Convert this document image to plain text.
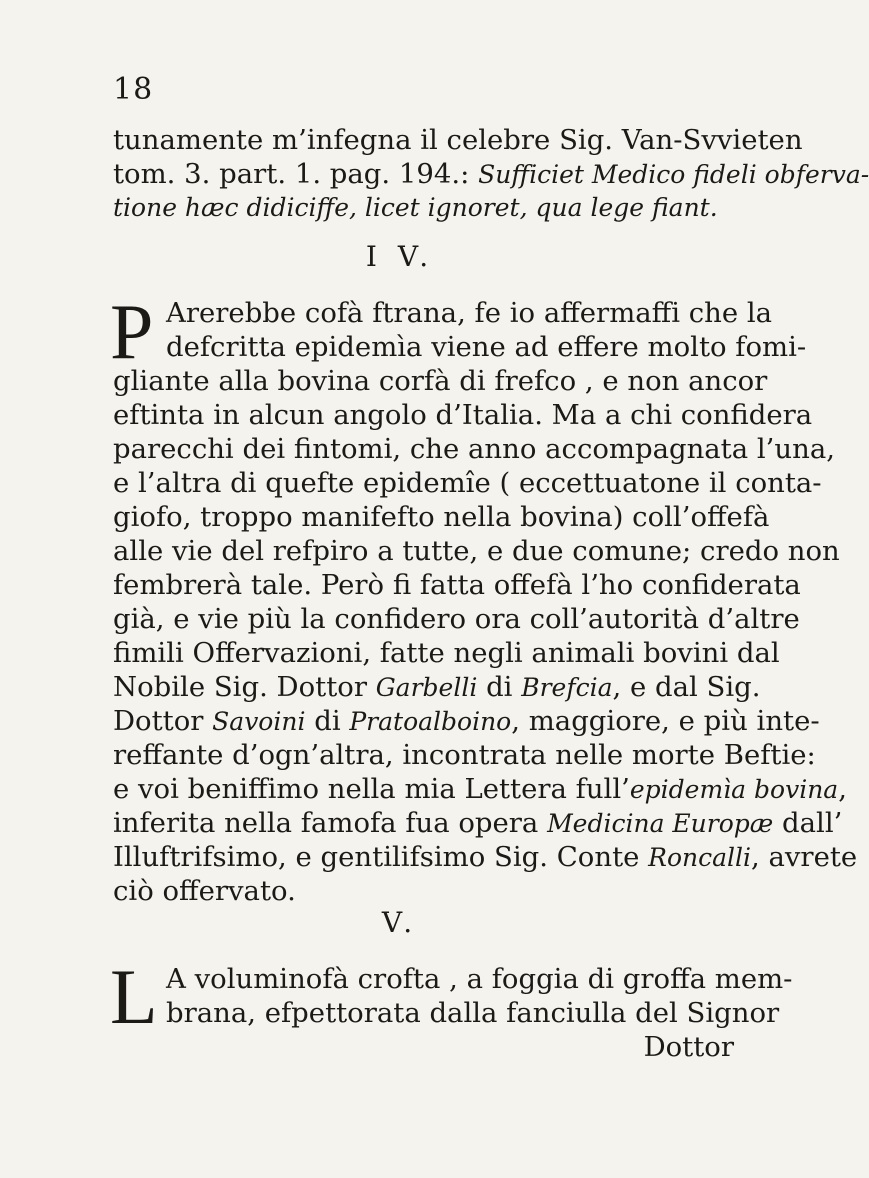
18
tunamente m’infegna il celebre Sig. Van-Svvieten
tom. 3. part. 1. pag. 194.: Sufficiet Medico fideli obferva-
tione hæc didiciffe, licet ignoret, qua lege fiant.
I V.
P Arerebbe cofà ftrana, fe io affermaffi che la
defcritta epidemìa viene ad effere molto fomi-
gliante alla bovina corfà di frefco , e non ancor
eftinta in alcun angolo d’Italia. Ma a chi confidera
parecchi dei fintomi, che anno accompagnata l’una,
e l’altra di quefte epidemîe ( eccettuatone il conta-
giofo, troppo manifefto nella bovina) coll’offefà
alle vie del refpiro a tutte, e due comune; credo non
fembrerà tale. Però fi fatta offefà l’ho confiderata
già, e vie più la confidero ora coll’autorità d’altre
fimili Offervazioni, fatte negli animali bovini dal
Nobile Sig. Dottor Garbelli di Brefcia, e dal Sig.
Dottor Savoini di Pratoalboino, maggiore, e più inte-
reffante d’ogn’altra, incontrata nelle morte Beftie:
e voi beniffimo nella mia Lettera full’epidemìa bovina,
inferita nella famofa fua opera Medicina Europæ dall’
Illuftrifsimo, e gentilifsimo Sig. Conte Roncalli, avrete
ciò offervato.
V.
L A voluminofà crofta , a foggia di groffa mem-
brana, efpettorata dalla fanciulla del Signor
Dottor
